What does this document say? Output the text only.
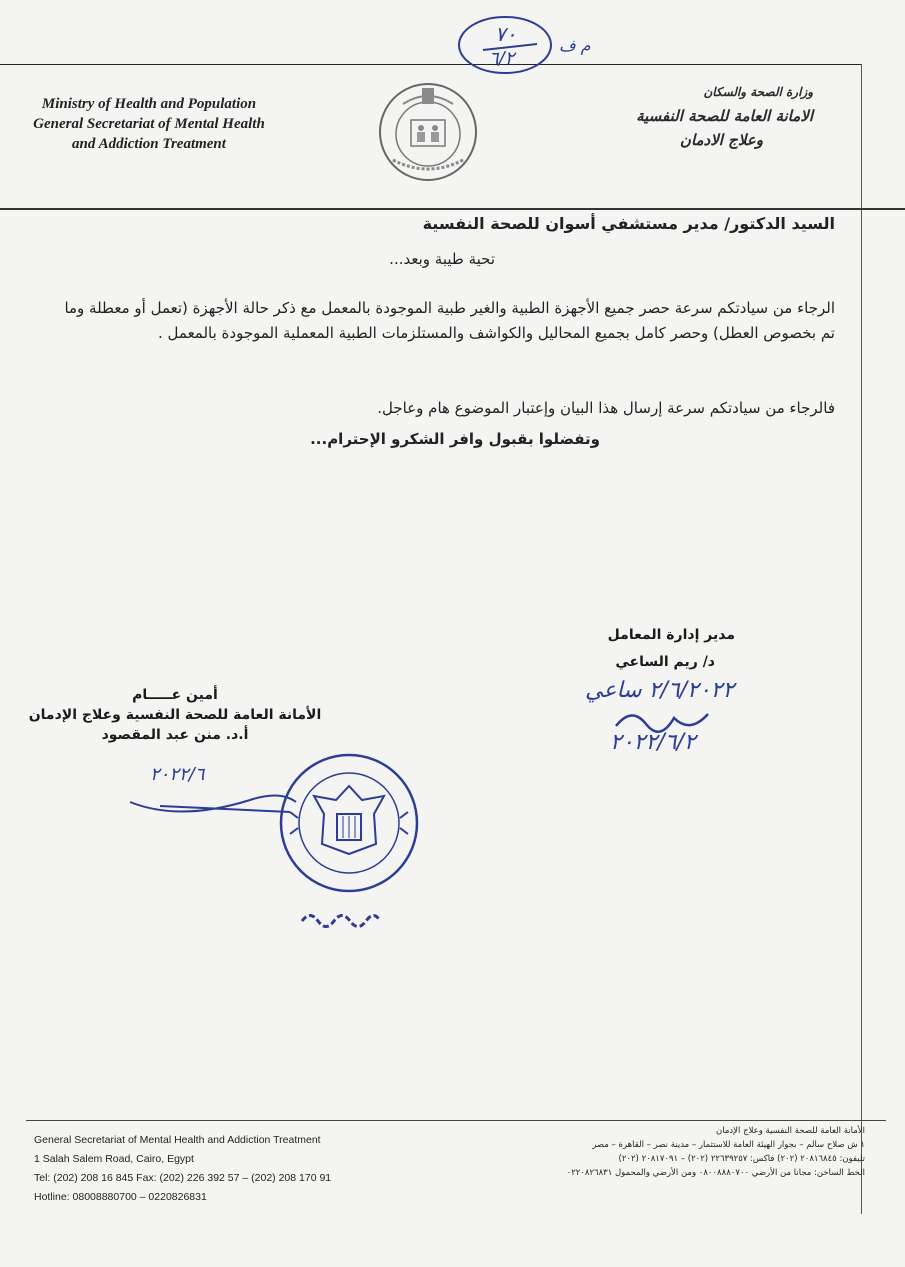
٧٠
٦/٢
م ف
Ministry of Health and Population
General Secretariat of Mental Health
and Addiction Treatment
وزارة الصحة والسكان
الامانة العامة للصحة النفسية
وعلاج الادمان
السيد الدكتور/ مدير مستشفي أسوان للصحة النفسية
تحية طيبة وبعد...
الرجاء من سيادتكم سرعة حصر جميع الأجهزة الطبية والغير طبية الموجودة بالمعمل مع ذكر حالة الأجهزة (تعمل أو معطلة وما تم بخصوص العطل) وحصر كامل بجميع المحاليل والكواشف والمستلزمات الطبية المعملية الموجودة بالمعمل .
فالرجاء من سيادتكم سرعة إرسال هذا البيان وإعتبار الموضوع هام وعاجل.
وتفضلوا بقبول وافر الشكرو الإحترام...
مدير إدارة المعامل
د/ ريم الساعي
٢/٦/٢٠٢٢ ساعي
٢٠٢٢/٦/٢
أمين عـــــام
الأمانة العامة للصحة النفسية وعلاج الإدمان
أ.د. منن عبد المقصود
٢٠٢٢/٦
General Secretariat of Mental Health and Addiction Treatment
1 Salah Salem Road, Cairo, Egypt
Tel: (202) 208 16 845 Fax: (202) 226 392 57 – (202) 208 170 91
Hotline: 08008880700 – 0220826831
الأمانة العامة للصحة النفسية وعلاج الإدمان
١ ش صلاح سالم – بجوار الهيئة العامة للاستثمار – مدينة نصر – القاهرة – مصر
تليفون: ٢٠٨١٦٨٤٥ (٢٠٢) فاكس: ٢٢٦٣٩٢٥٧ (٢٠٢) – ٢٠٨١٧٠٩١ (٢٠٢)
الخط الساخن: مجانا من الأرضي ٠٨٠٠٨٨٨٠٧٠٠ ومن الأرضي والمحمول ٠٢٢٠٨٢٦٨٣١
